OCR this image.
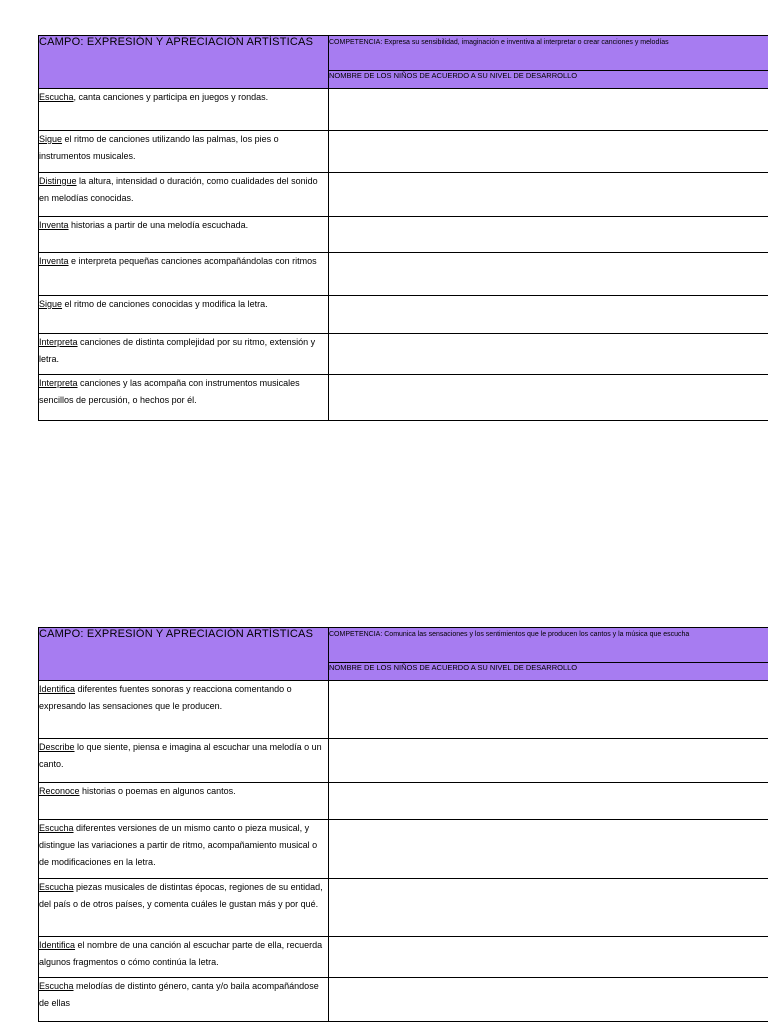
CAMPO: EXPRESIÓN Y APRECIACIÓN ARTÍSTICAS	COMPETENCIA: Expresa su sensibilidad, imaginación e inventiva al interpretar o crear canciones y melodías
	NOMBRE DE LOS NIÑOS DE ACUERDO A SU NIVEL DE DESARROLLO
Escucha, canta canciones y participa en juegos y rondas.	
Sigue el ritmo de canciones utilizando las palmas, los pies o instrumentos musicales.	
Distingue la altura, intensidad o duración, como cualidades del sonido en melodías conocidas.	
Inventa historias a partir de una melodía escuchada.	
Inventa e interpreta pequeñas canciones acompañándolas con ritmos	
Sigue el ritmo de canciones conocidas y modifica la letra.	
Interpreta canciones de distinta complejidad por su ritmo, extensión y letra.	
Interpreta canciones y las acompaña con instrumentos musicales sencillos de percusión, o hechos por él.	
CAMPO: EXPRESIÓN Y APRECIACIÓN ARTÍSTICAS	COMPETENCIA: Comunica las sensaciones y los sentimientos que le producen los cantos y la música que escucha
	NOMBRE DE LOS NIÑOS DE ACUERDO A SU NIVEL DE DESARROLLO
Identifica diferentes fuentes sonoras y reacciona comentando o expresando las sensaciones que le producen.	
Describe lo que siente, piensa e imagina al escuchar una melodía o un canto.	
Reconoce historias o poemas en algunos cantos.	
Escucha diferentes versiones de un mismo canto o pieza musical, y distingue las variaciones a partir de ritmo, acompañamiento musical o de modificaciones en la letra.	
Escucha piezas musicales de distintas épocas, regiones de su entidad, del país o de otros países, y comenta cuáles le gustan más y por qué.	
Identifica el nombre de una canción al escuchar parte de ella, recuerda algunos fragmentos o cómo continúa la letra.	
Escucha melodías de distinto género, canta y/o baila acompañándose de ellas	
